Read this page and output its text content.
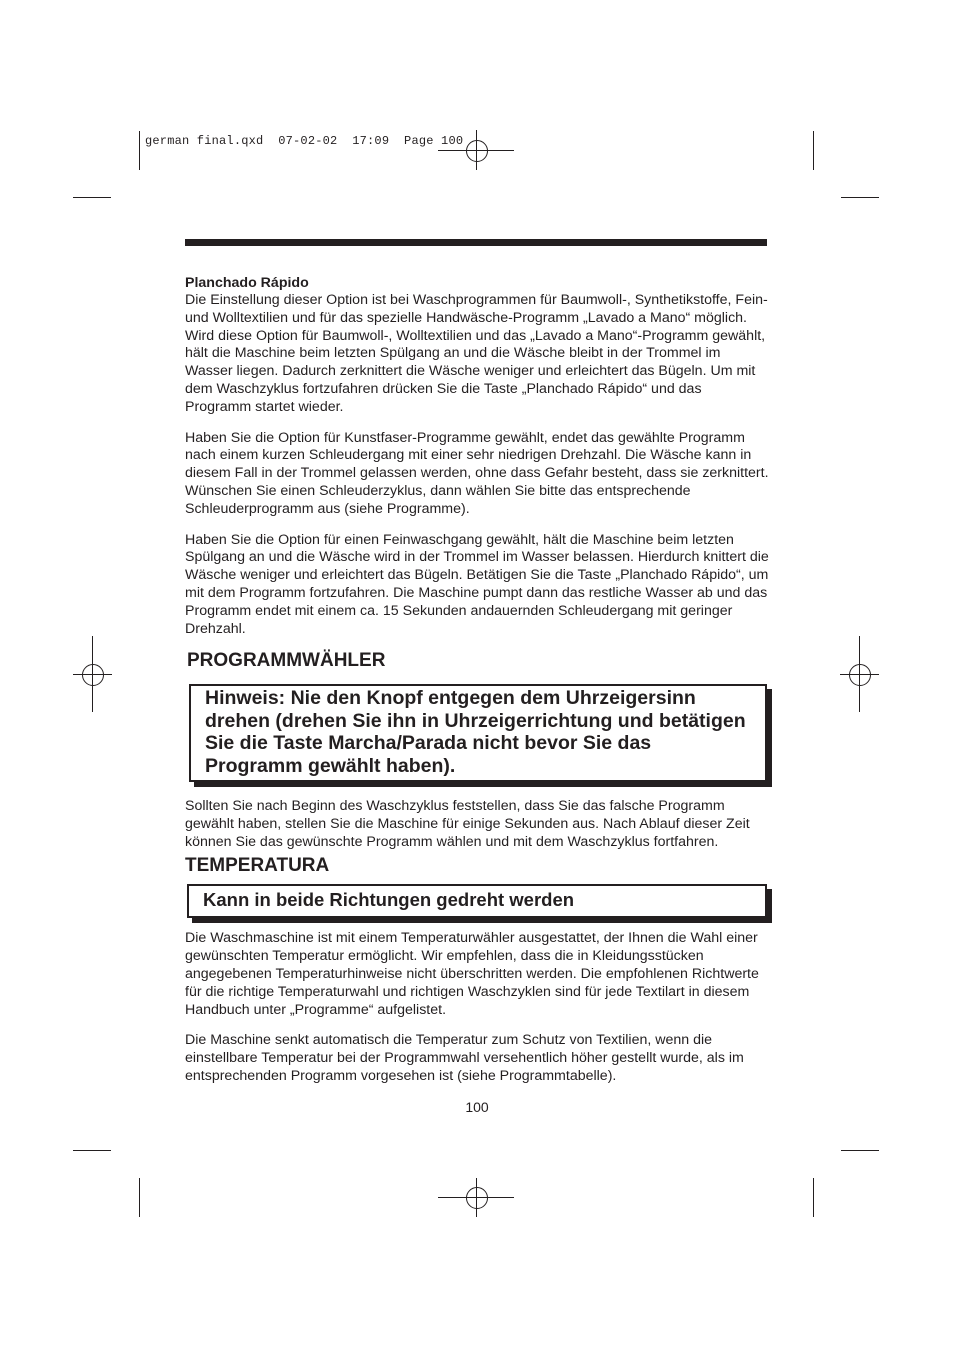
german final.qxd  07-02-02  17:09  Page 100

Planchado Rápido

Die Einstellung dieser Option ist bei Waschprogrammen für Baumwoll-, Synthetikstoffe, Fein- und Wolltextilien und für das spezielle Handwäsche-Programm „Lavado a Mano“ möglich. Wird diese Option für Baumwoll-, Wolltextilien und das „Lavado a Mano“-Programm gewählt, hält die Maschine beim letzten Spülgang an und die Wäsche bleibt in der Trommel im Wasser liegen. Dadurch zerknittert die Wäsche weniger und erleichtert das Bügeln. Um mit dem Waschzyklus fortzufahren drücken Sie die Taste „Planchado Rápido“ und das Programm startet wieder.

Haben Sie die Option für Kunstfaser-Programme gewählt, endet das gewählte Programm nach einem kurzen Schleudergang mit einer sehr niedrigen Drehzahl. Die Wäsche kann in diesem Fall in der Trommel gelassen werden, ohne dass Gefahr besteht, dass sie zerknittert. Wünschen Sie einen Schleuderzyklus, dann wählen Sie bitte das entsprechende Schleuderprogramm aus (siehe Programme).

Haben Sie die Option für einen Feinwaschgang gewählt, hält die Maschine beim letzten Spülgang an und die Wäsche wird in der Trommel im Wasser belassen. Hierdurch knittert die Wäsche weniger und erleichtert das Bügeln. Betätigen Sie die Taste „Planchado Rápido“, um mit dem Programm fortzufahren. Die Maschine pumpt dann das restliche Wasser ab und das Programm endet mit einem ca. 15 Sekunden andauernden Schleudergang mit geringer Drehzahl.

PROGRAMMWÄHLER

Hinweis: Nie den Knopf entgegen dem Uhrzeigersinn drehen (drehen Sie ihn in Uhrzeigerrichtung und betätigen Sie die Taste Marcha/Parada nicht bevor Sie das Programm gewählt haben).

Sollten Sie nach Beginn des Waschzyklus feststellen, dass Sie das falsche Programm gewählt haben, stellen Sie die Maschine für einige Sekunden aus. Nach Ablauf dieser Zeit können Sie das gewünschte Programm wählen und mit dem Waschzyklus fortfahren.

TEMPERATURA

Kann in beide Richtungen gedreht werden

Die Waschmaschine ist mit einem Temperaturwähler ausgestattet, der Ihnen die Wahl einer gewünschten Temperatur ermöglicht. Wir empfehlen, dass die in Kleidungsstücken angegebenen Temperaturhinweise nicht überschritten werden. Die empfohlenen Richtwerte für die richtige Temperaturwahl und richtigen Waschzyklen sind für jede Textilart in diesem Handbuch unter „Programme“ aufgelistet.

Die Maschine senkt automatisch die Temperatur zum Schutz von Textilien, wenn die einstellbare Temperatur bei der Programmwahl versehentlich höher gestellt wurde, als im entsprechenden Programm vorgesehen ist (siehe Programmtabelle).

100
